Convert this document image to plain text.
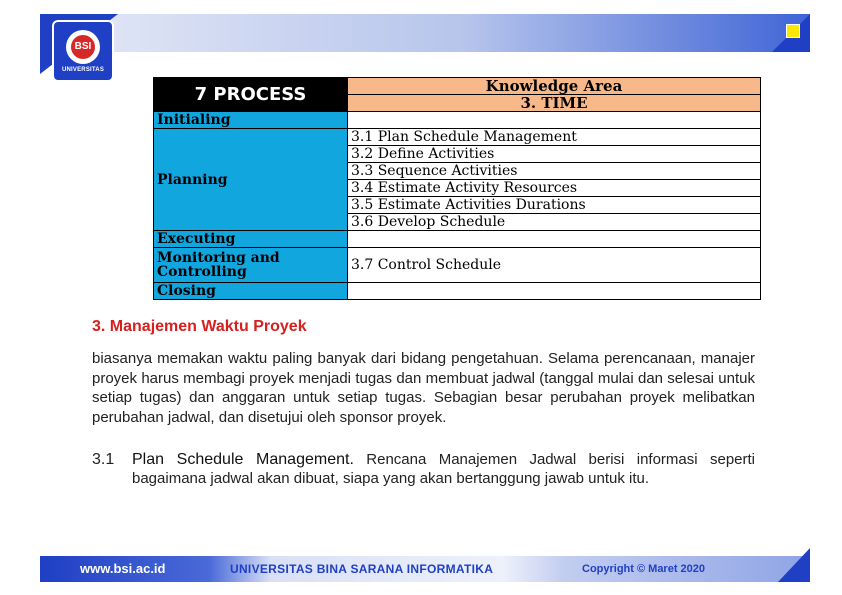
BSI
UNIVERSITAS
7 PROCESS	Knowledge Area
	3. TIME
Initialing	
Planning	3.1 Plan Schedule Management
	3.2 Define Activities
	3.3 Sequence Activities
	3.4 Estimate Activity Resources
	3.5 Estimate Activities Durations
	3.6 Develop Schedule
Executing	
Monitoring and Controlling	3.7 Control Schedule
Closing	
3. Manajemen Waktu Proyek

biasanya memakan waktu paling banyak dari bidang pengetahuan. Selama perencanaan, manajer proyek harus membagi proyek menjadi tugas dan membuat jadwal (tanggal mulai dan selesai untuk setiap tugas) dan anggaran untuk setiap tugas. Sebagian besar perubahan proyek melibatkan perubahan jadwal, dan disetujui oleh sponsor proyek.

3.1 Plan Schedule Management. Rencana Manajemen Jadwal berisi informasi seperti bagaimana jadwal akan dibuat, siapa yang akan bertanggung jawab untuk itu.
www.bsi.ac.id	UNIVERSITAS BINA SARANA INFORMATIKA	Copyright © Maret 2020
